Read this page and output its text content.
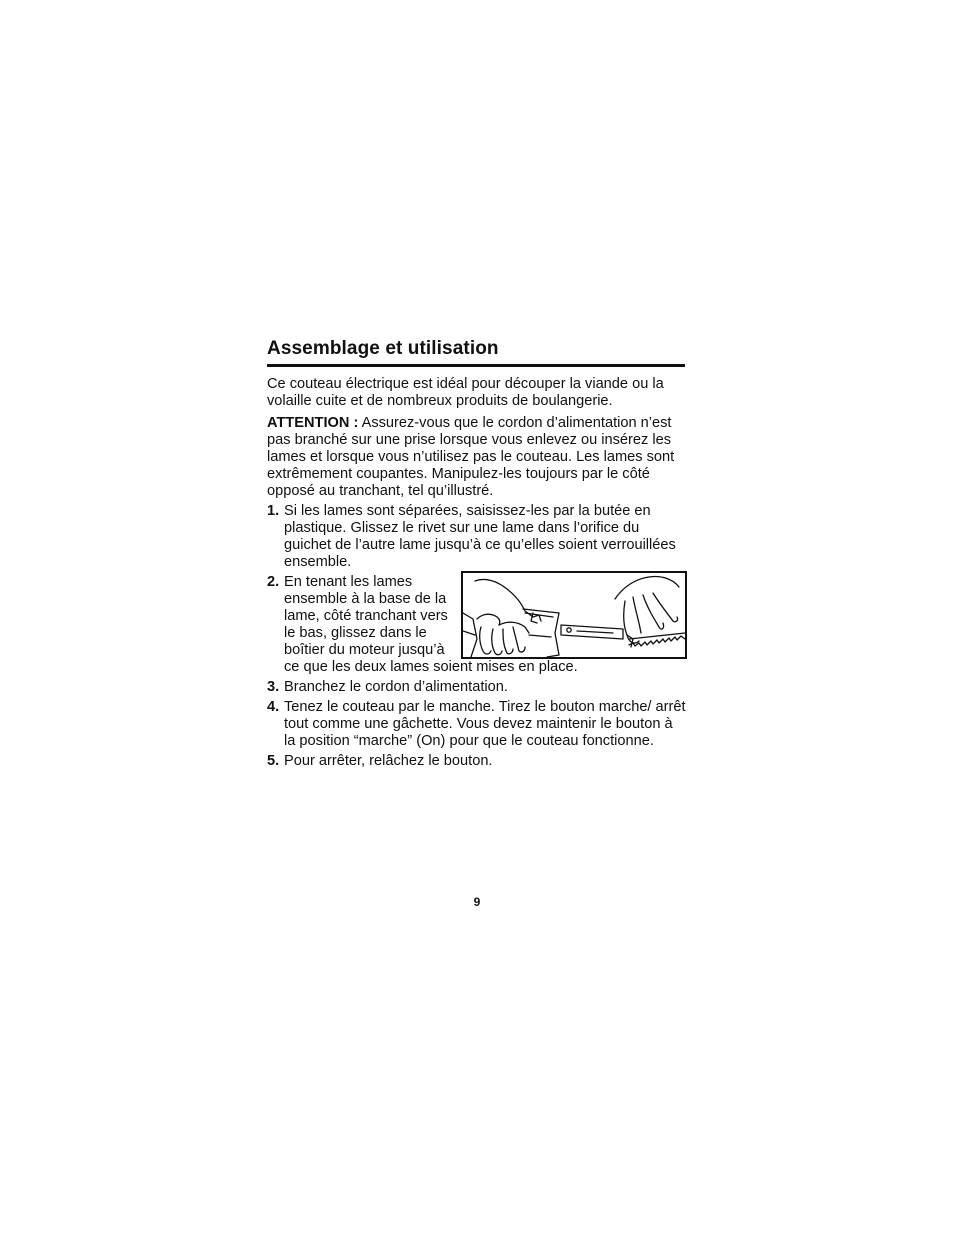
Assemblage et utilisation

Ce couteau électrique est idéal pour découper la viande ou la volaille cuite et de nombreux produits de boulangerie.

ATTENTION : Assurez-vous que le cordon d’alimentation n’est pas branché sur une prise lorsque vous enlevez ou insérez les lames et lorsque vous n’utilisez pas le couteau. Les lames sont extrêmement coupantes. Manipulez-les toujours par le côté opposé au tranchant, tel qu’illustré.

1. Si les lames sont séparées, saisissez-les par la butée en plastique. Glissez le rivet sur une lame dans l’orifice du guichet de l’autre lame jusqu’à ce qu’elles soient verrouillées ensemble.
2. En tenant les lames ensemble à la base de la lame, côté tranchant vers le bas, glissez dans le boîtier du moteur jusqu’à ce que les deux lames soient mises en place.
3. Branchez le cordon d’alimentation.
4. Tenez le couteau par le manche. Tirez le bouton marche/ arrêt tout comme une gâchette. Vous devez maintenir le bouton à la position “marche” (On) pour que le couteau fonctionne.
5. Pour arrêter, relâchez le bouton.
9
